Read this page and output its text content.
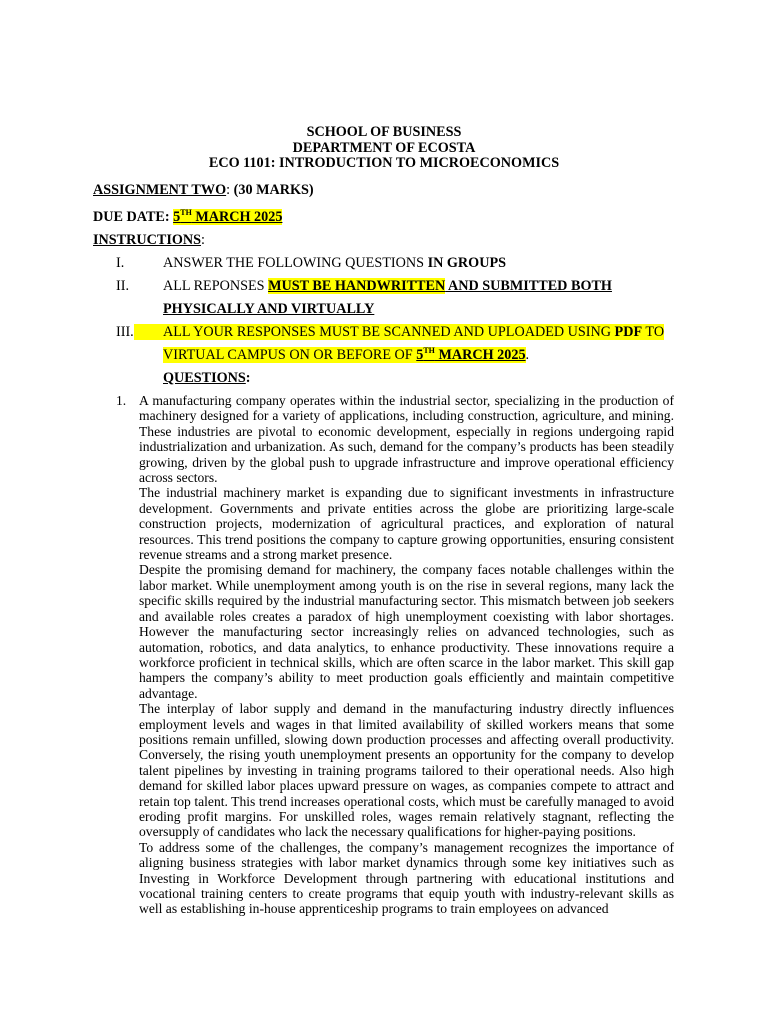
SCHOOL OF BUSINESS
DEPARTMENT OF ECOSTA
ECO 1101: INTRODUCTION TO MICROECONOMICS
ASSIGNMENT TWO: (30 MARKS)
DUE DATE: 5TH MARCH 2025
INSTRUCTIONS:
I.	ANSWER THE FOLLOWING QUESTIONS IN GROUPS
II. ALL REPONSES MUST BE HANDWRITTEN AND SUBMITTED BOTH
PHYSICALLY AND VIRTUALLY
III.	ALL YOUR RESPONSES MUST BE SCANNED AND UPLOADED USING PDF TO
VIRTUAL CAMPUS ON OR BEFORE OF 5TH MARCH 2025.
QUESTIONS:
1. A manufacturing company operates within the industrial sector, specializing in the production of machinery designed for a variety of applications, including construction, agriculture, and mining. These industries are pivotal to economic development, especially in regions undergoing rapid industrialization and urbanization. As such, demand for the company’s products has been steadily growing, driven by the global push to upgrade infrastructure and improve operational efficiency across sectors.

The industrial machinery market is expanding due to significant investments in infrastructure development. Governments and private entities across the globe are prioritizing large-scale construction projects, modernization of agricultural practices, and exploration of natural resources. This trend positions the company to capture growing opportunities, ensuring consistent revenue streams and a strong market presence.

Despite the promising demand for machinery, the company faces notable challenges within the labor market. While unemployment among youth is on the rise in several regions, many lack the specific skills required by the industrial manufacturing sector. This mismatch between job seekers and available roles creates a paradox of high unemployment coexisting with labor shortages. However the manufacturing sector increasingly relies on advanced technologies, such as automation, robotics, and data analytics, to enhance productivity. These innovations require a workforce proficient in technical skills, which are often scarce in the labor market. This skill gap hampers the company’s ability to meet production goals efficiently and maintain competitive advantage.

The interplay of labor supply and demand in the manufacturing industry directly influences employment levels and wages in that limited availability of skilled workers means that some positions remain unfilled, slowing down production processes and affecting overall productivity. Conversely, the rising youth unemployment presents an opportunity for the company to develop talent pipelines by investing in training programs tailored to their operational needs. Also high demand for skilled labor places upward pressure on wages, as companies compete to attract and retain top talent. This trend increases operational costs, which must be carefully managed to avoid eroding profit margins. For unskilled roles, wages remain relatively stagnant, reflecting the oversupply of candidates who lack the necessary qualifications for higher-paying positions.

To address some of the challenges, the company’s management recognizes the importance of aligning business strategies with labor market dynamics through some key initiatives such as Investing in Workforce Development through partnering with educational institutions and vocational training centers to create programs that equip youth with industry-relevant skills as well as establishing in-house apprenticeship programs to train employees on advanced
